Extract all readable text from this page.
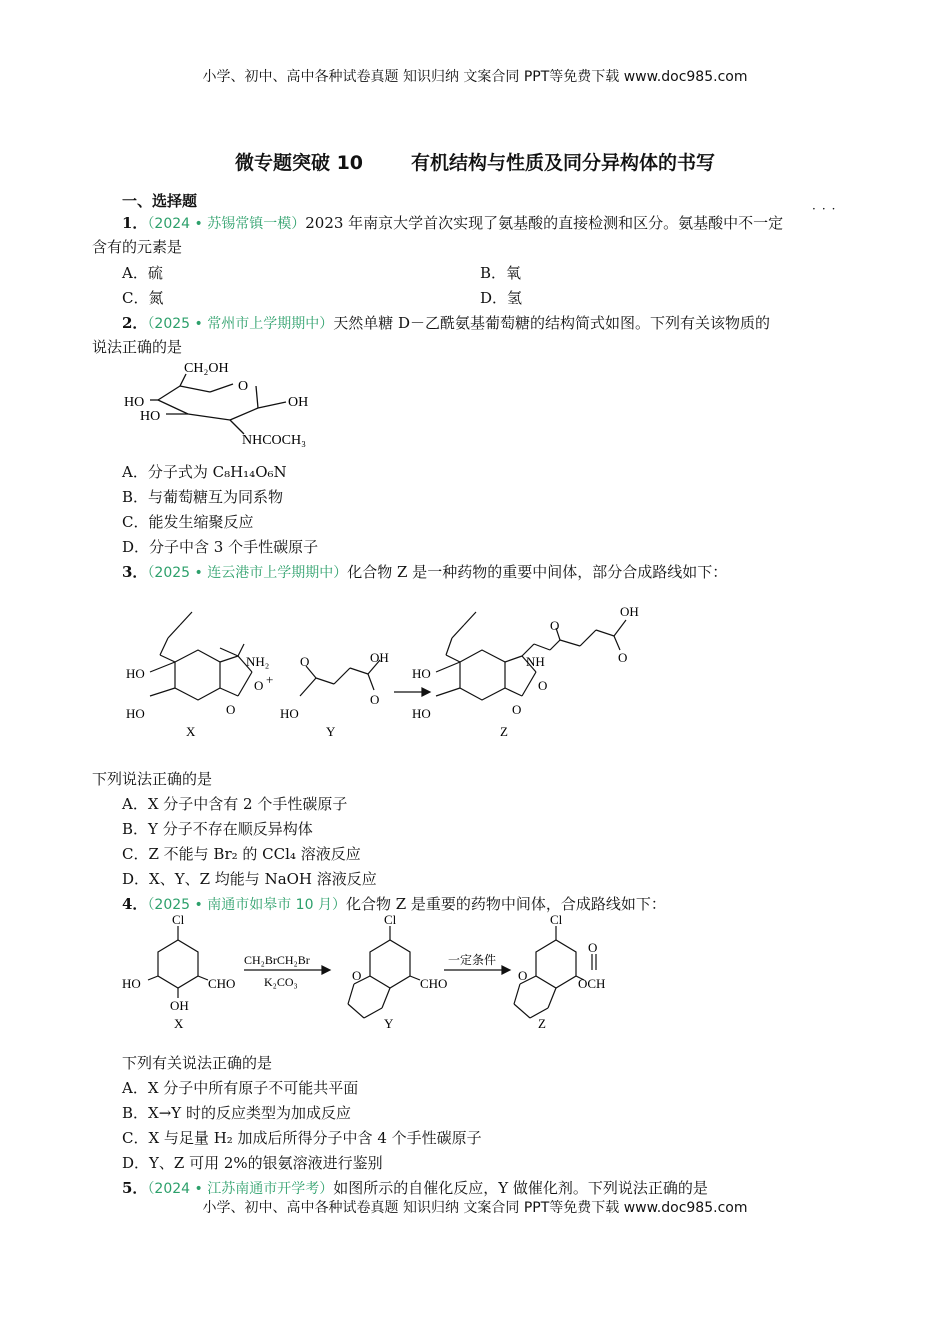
小学、初中、高中各种试卷真题 知识归纳 文案合同 PPT等免费下载 www.doc985.com
微专题突破 10	有机结构与性质及同分异构体的书写
一、选择题
1．（2024 • 苏锡常镇一模）2023 年南京大学首次实现了氨基酸的直接检测和区分。氨基酸中不一定
···
含有的元素是
A．硫	B．氧
C．氮	D．氢
2．（2025 • 常州市上学期期中）天然单糖 D－乙酰氨基葡萄糖的结构简式如图。下列有关该物质的
说法正确的是
CH₂OH
O
HO
HO
OH
NHCOCH₃
A．分子式为 C₈H₁₄O₆N
B．与葡萄糖互为同系物
C．能发生缩聚反应
D．分子中含 3 个手性碳原子
3．（2025 • 连云港市上学期期中）化合物 Z 是一种药物的重要中间体，部分合成路线如下：
HO
HO
NH₂
O +
O
X
HO
O	OH
O
Y
HO
HO
NH
O
O
O
OH
O
Z
下列说法正确的是
A．X 分子中含有 2 个手性碳原子
B．Y 分子不存在顺反异构体
C．Z 不能与 Br₂ 的 CCl₄ 溶液反应
D．X、Y、Z 均能与 NaOH 溶液反应
4．（2025 • 南通市如皋市 10 月）化合物 Z 是重要的药物中间体，合成路线如下：
Cl
HO
OH
CHO
X
CH₂BrCH₂Br
K₂CO₃
Cl
O
CHO
Y
一定条件
Cl
O
O
OCH
Z
下列有关说法正确的是
A．X 分子中所有原子不可能共平面
B．X→Y 时的反应类型为加成反应
C．X 与足量 H₂ 加成后所得分子中含 4 个手性碳原子
D．Y、Z 可用 2%的银氨溶液进行鉴别
5．（2024 • 江苏南通市开学考）如图所示的自催化反应，Y 做催化剂。下列说法正确的是
小学、初中、高中各种试卷真题 知识归纳 文案合同 PPT等免费下载 www.doc985.com
